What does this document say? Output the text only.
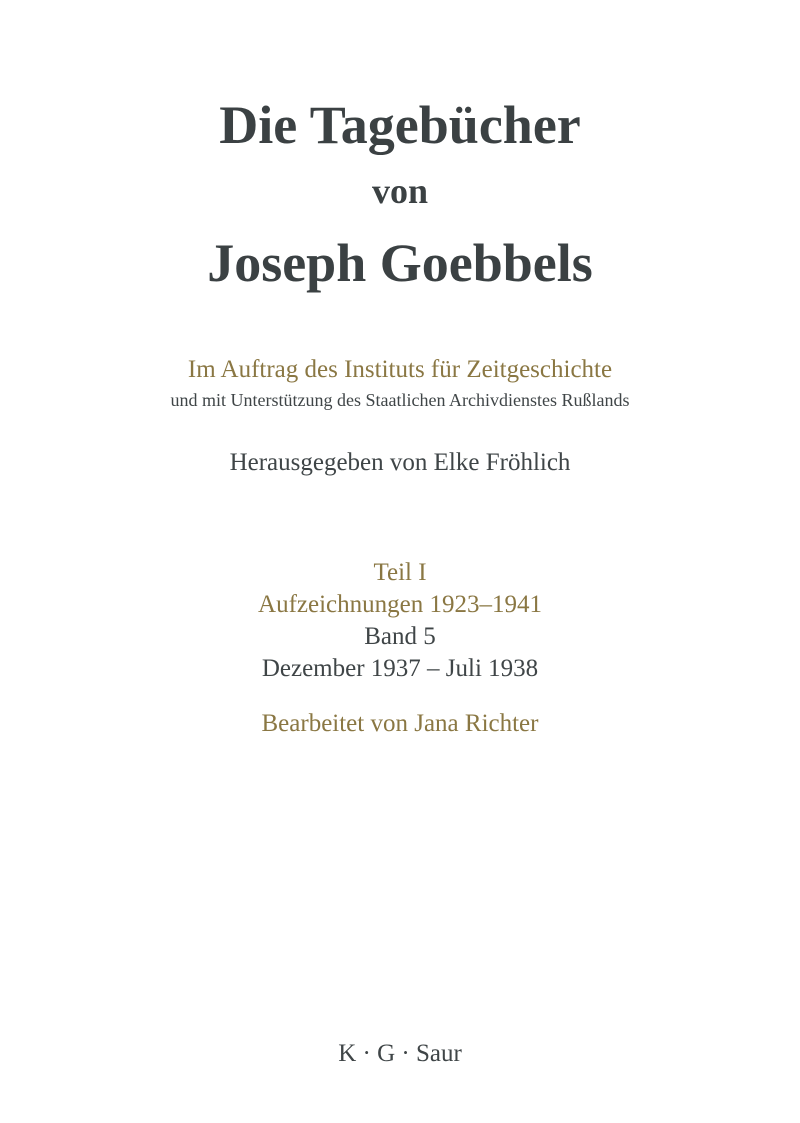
Die Tagebücher
von
Joseph Goebbels
Im Auftrag des Instituts für Zeitgeschichte
und mit Unterstützung des Staatlichen Archivdienstes Rußlands
Herausgegeben von Elke Fröhlich
Teil I
Aufzeichnungen 1923–1941
Band 5
Dezember 1937 – Juli 1938
Bearbeitet von Jana Richter
K · G · Saur
